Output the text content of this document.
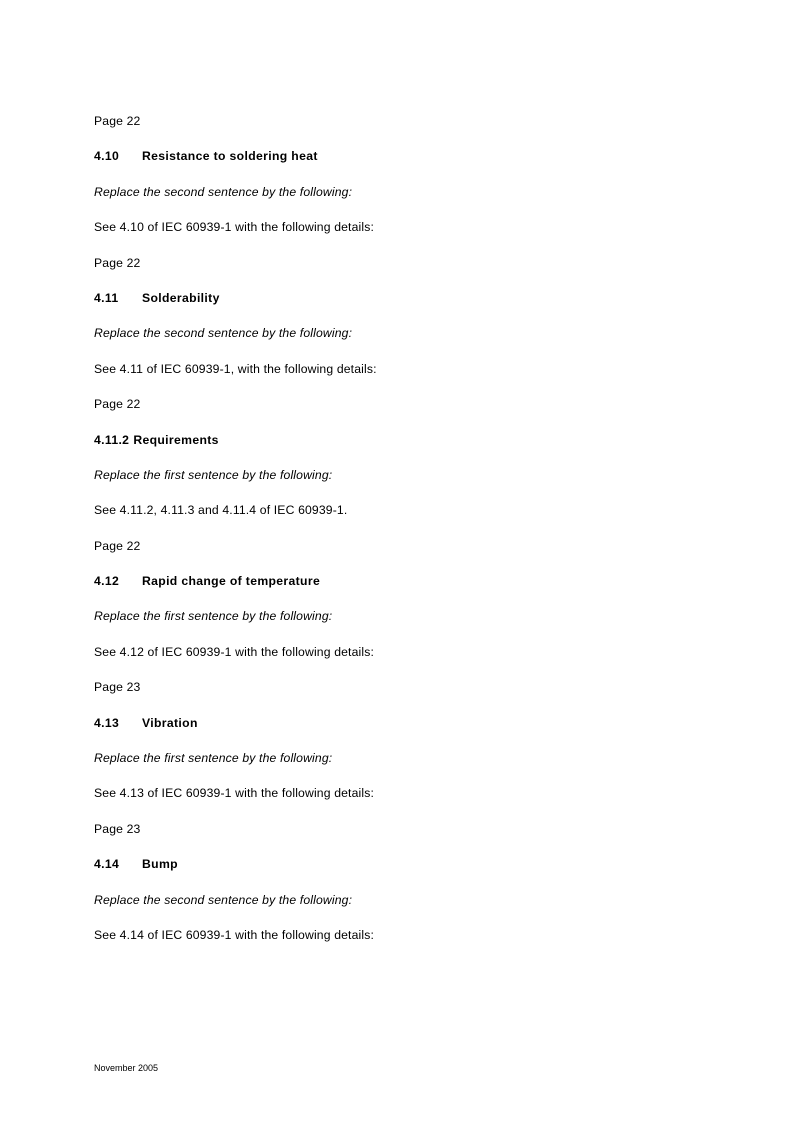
Page 22
4.10 Resistance to soldering heat
Replace the second sentence by the following:
See 4.10 of IEC 60939-1 with the following details:
Page 22
4.11 Solderability
Replace the second sentence by the following:
See 4.11 of IEC 60939-1, with the following details:
Page 22
4.11.2 Requirements
Replace the first sentence by the following:
See 4.11.2, 4.11.3 and 4.11.4 of IEC 60939-1.
Page 22
4.12 Rapid change of temperature
Replace the first sentence by the following:
See 4.12 of IEC 60939-1 with the following details:
Page 23
4.13 Vibration
Replace the first sentence by the following:
See 4.13 of IEC 60939-1 with the following details:
Page 23
4.14 Bump
Replace the second sentence by the following:
See 4.14 of IEC 60939-1 with the following details:
November 2005
